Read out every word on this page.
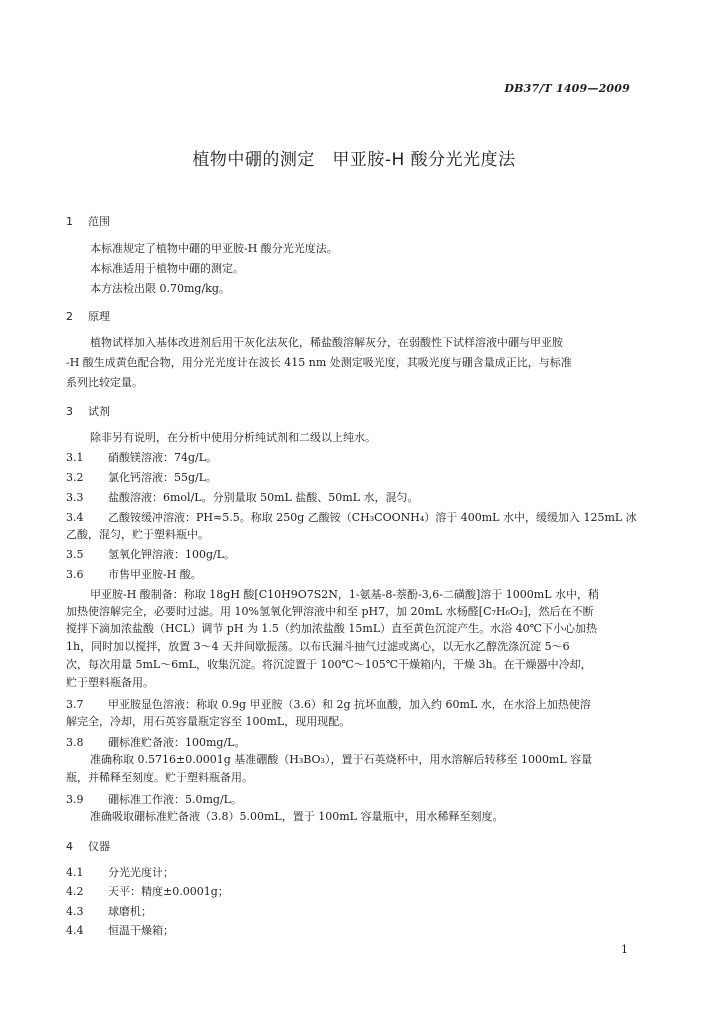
DB37/T 1409—2009
植物中硼的测定　甲亚胺-H 酸分光光度法
1 范围
本标准规定了植物中硼的甲亚胺-H 酸分光光度法。
本标准适用于植物中硼的测定。
本方法检出限 0.70mg/kg。
2 原理
植物试样加入基体改进剂后用干灰化法灰化，稀盐酸溶解灰分，在弱酸性下试样溶液中硼与甲亚胺
-H 酸生成黄色配合物，用分光光度计在波长 415 nm 处测定吸光度，其吸光度与硼含量成正比，与标准
系列比较定量。
3 试剂
除非另有说明，在分析中使用分析纯试剂和二级以上纯水。
3.1 硝酸镁溶液：74g/L。
3.2 氯化钙溶液：55g/L。
3.3 盐酸溶液：6mol/L。分别量取 50mL 盐酸、50mL 水，混匀。
3.4 乙酸铵缓冲溶液：PH≈5.5。称取 250g 乙酸铵（CH₃COONH₄）溶于 400mL 水中，缓缓加入 125mL 冰
乙酸，混匀，贮于塑料瓶中。
3.5 氢氧化钾溶液：100g/L。
3.6 市售甲亚胺-H 酸。
甲亚胺-H 酸制备：称取 18gH 酸[C10H9O7S2N，1-氨基-8-萘酚-3,6-二磺酸]溶于 1000mL 水中，稍
加热使溶解完全，必要时过滤。用 10%氢氧化钾溶液中和至 pH7，加 20mL 水杨醛[C₇H₆O₂]，然后在不断
搅拌下滴加浓盐酸（HCL）调节 pH 为 1.5（约加浓盐酸 15mL）直至黄色沉淀产生。水浴 40℃下小心加热
1h，同时加以搅拌，放置 3～4 天并间歇振荡。以布氏漏斗抽气过滤或离心，以无水乙醇洗涤沉淀 5～6
次，每次用量 5mL～6mL，收集沉淀。将沉淀置于 100℃～105℃干燥箱内，干燥 3h。在干燥器中冷却，
贮于塑料瓶备用。
3.7 甲亚胺显色溶液：称取 0.9g 甲亚胺（3.6）和 2g 抗坏血酸，加入约 60mL 水，在水浴上加热使溶
解完全，冷却，用石英容量瓶定容至 100mL，现用现配。
3.8 硼标准贮备液：100mg/L。
准确称取 0.5716±0.0001g 基准硼酸（H₃BO₃），置于石英烧杯中，用水溶解后转移至 1000mL 容量
瓶，并稀释至刻度。贮于塑料瓶备用。
3.9 硼标准工作液：5.0mg/L。
准确吸取硼标准贮备液（3.8）5.00mL，置于 100mL 容量瓶中，用水稀释至刻度。
4 仪器
4.1 分光光度计；
4.2 天平：精度±0.0001g；
4.3 球磨机；
4.4 恒温干燥箱；
1
